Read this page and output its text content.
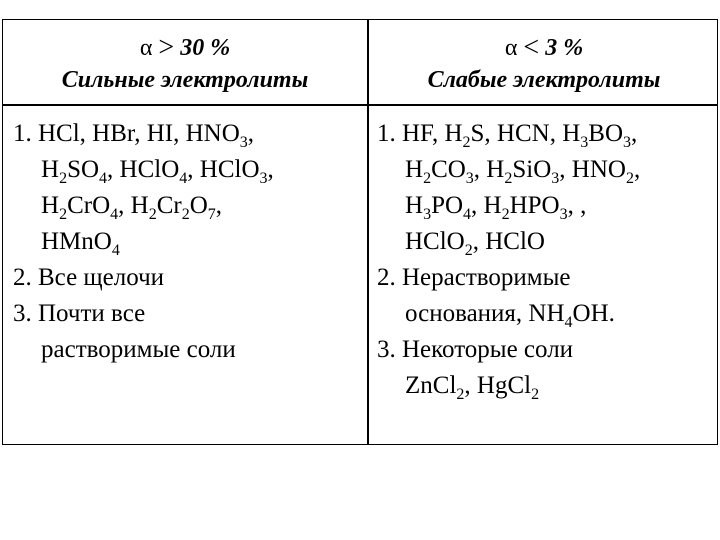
α > 30 %
Сильные электролиты
α < 3 %
Слабые электролиты
1. HCl, HBr, HI, $HNO_3$,
$H_2SO_4$, HClO$_4$, HClO$_3$,
$H_2CrO_4$, $H_2Cr_2O_7$,
HMnO$_4$
2. Все щелочи
3. Почти все
растворимые соли
1. HF, $H_2S$, HCN, $H_3BO_3$,
$H_2CO_3$, $H_2SiO_3$, $HNO_2$,
$H_3PO_4$, $H_2HPO_3$, ,
HClO$_2$, HClO
2. Нерастворимые
основания, $NH_4OH$.
3. Некоторые соли
ZnCl$_2$, HgCl$_2$
